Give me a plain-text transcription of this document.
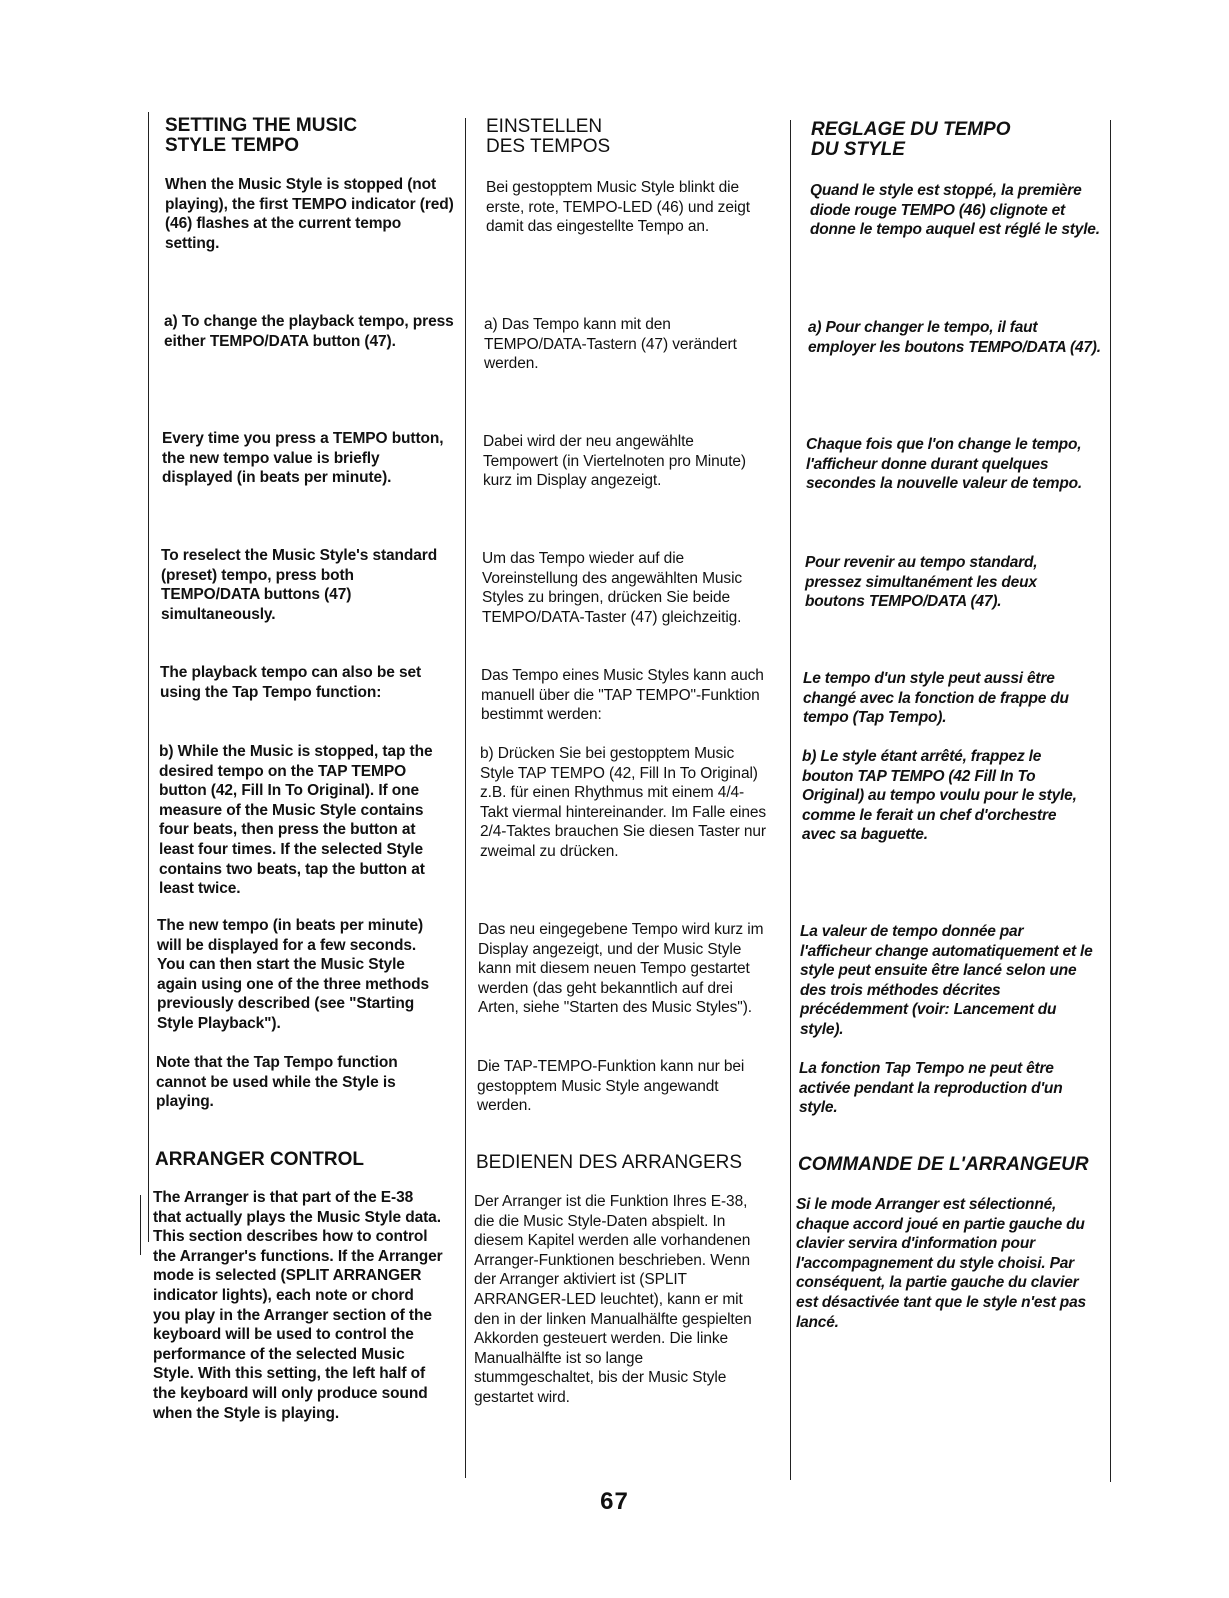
SETTING THE MUSIC
STYLE TEMPO

When the Music Style is stopped (not playing), the first TEMPO indicator (red) (46) flashes at the current tempo setting.

a) To change the playback tempo, press either TEMPO/DATA button (47).

Every time you press a TEMPO button, the new tempo value is briefly displayed (in beats per minute).

To reselect the Music Style's standard (preset) tempo, press both TEMPO/DATA buttons (47) simultaneously.

The playback tempo can also be set using the Tap Tempo function:

b) While the Music is stopped, tap the desired tempo on the TAP TEMPO button (42, Fill In To Original). If one measure of the Music Style contains four beats, then press the button at least four times. If the selected Style contains two beats, tap the button at least twice.

The new tempo (in beats per minute) will be displayed for a few seconds. You can then start the Music Style again using one of the three methods previously described (see "Starting Style Playback").

Note that the Tap Tempo function cannot be used while the Style is playing.

ARRANGER CONTROL

The Arranger is that part of the E-38 that actually plays the Music Style data. This section describes how to control the Arranger's functions. If the Arranger mode is selected (SPLIT ARRANGER indicator lights), each note or chord you play in the Arranger section of the keyboard will be used to control the performance of the selected Music Style. With this setting, the left half of the keyboard will only produce sound when the Style is playing.

EINSTELLEN
DES TEMPOS

Bei gestopptem Music Style blinkt die erste, rote, TEMPO-LED (46) und zeigt damit das eingestellte Tempo an.

a) Das Tempo kann mit den TEMPO/DATA-Tastern (47) verändert werden.

Dabei wird der neu angewählte Tempowert (in Viertelnoten pro Minute) kurz im Display angezeigt.

Um das Tempo wieder auf die Voreinstellung des angewählten Music Styles zu bringen, drücken Sie beide TEMPO/DATA-Taster (47) gleichzeitig.

Das Tempo eines Music Styles kann auch manuell über die "TAP TEMPO"-Funktion bestimmt werden:

b) Drücken Sie bei gestopptem Music Style TAP TEMPO (42, Fill In To Original) z.B. für einen Rhythmus mit einem 4/4-Takt viermal hintereinander. Im Falle eines 2/4-Taktes brauchen Sie diesen Taster nur zweimal zu drücken.

Das neu eingegebene Tempo wird kurz im Display angezeigt, und der Music Style kann mit diesem neuen Tempo gestartet werden (das geht bekanntlich auf drei Arten, siehe "Starten des Music Styles").

Die TAP-TEMPO-Funktion kann nur bei gestopptem Music Style angewandt werden.

BEDIENEN DES ARRANGERS

Der Arranger ist die Funktion Ihres E-38, die die Music Style-Daten abspielt. In diesem Kapitel werden alle vorhandenen Arranger-Funktionen beschrieben. Wenn der Arranger aktiviert ist (SPLIT ARRANGER-LED leuchtet), kann er mit den in der linken Manualhälfte gespielten Akkorden gesteuert werden. Die linke Manualhälfte ist so lange stummgeschaltet, bis der Music Style gestartet wird.

REGLAGE DU TEMPO
DU STYLE

Quand le style est stoppé, la première diode rouge TEMPO (46) clignote et donne le tempo auquel est réglé le style.

a) Pour changer le tempo, il faut employer les boutons TEMPO/DATA (47).

Chaque fois que l'on change le tempo, l'afficheur donne durant quelques secondes la nouvelle valeur de tempo.

Pour revenir au tempo standard, pressez simultanément les deux boutons TEMPO/DATA (47).

Le tempo d'un style peut aussi être changé avec la fonction de frappe du tempo (Tap Tempo).

b) Le style étant arrêté, frappez le bouton TAP TEMPO (42 Fill In To Original) au tempo voulu pour le style, comme le ferait un chef d'orchestre avec sa baguette.

La valeur de tempo donnée par l'afficheur change automatiquement et le style peut ensuite être lancé selon une des trois méthodes décrites précédemment (voir: Lancement du style).

La fonction Tap Tempo ne peut être activée pendant la reproduction d'un style.

COMMANDE DE L'ARRANGEUR

Si le mode Arranger est sélectionné, chaque accord joué en partie gauche du clavier servira d'information pour l'accompagnement du style choisi. Par conséquent, la partie gauche du clavier est désactivée tant que le style n'est pas lancé.

67
